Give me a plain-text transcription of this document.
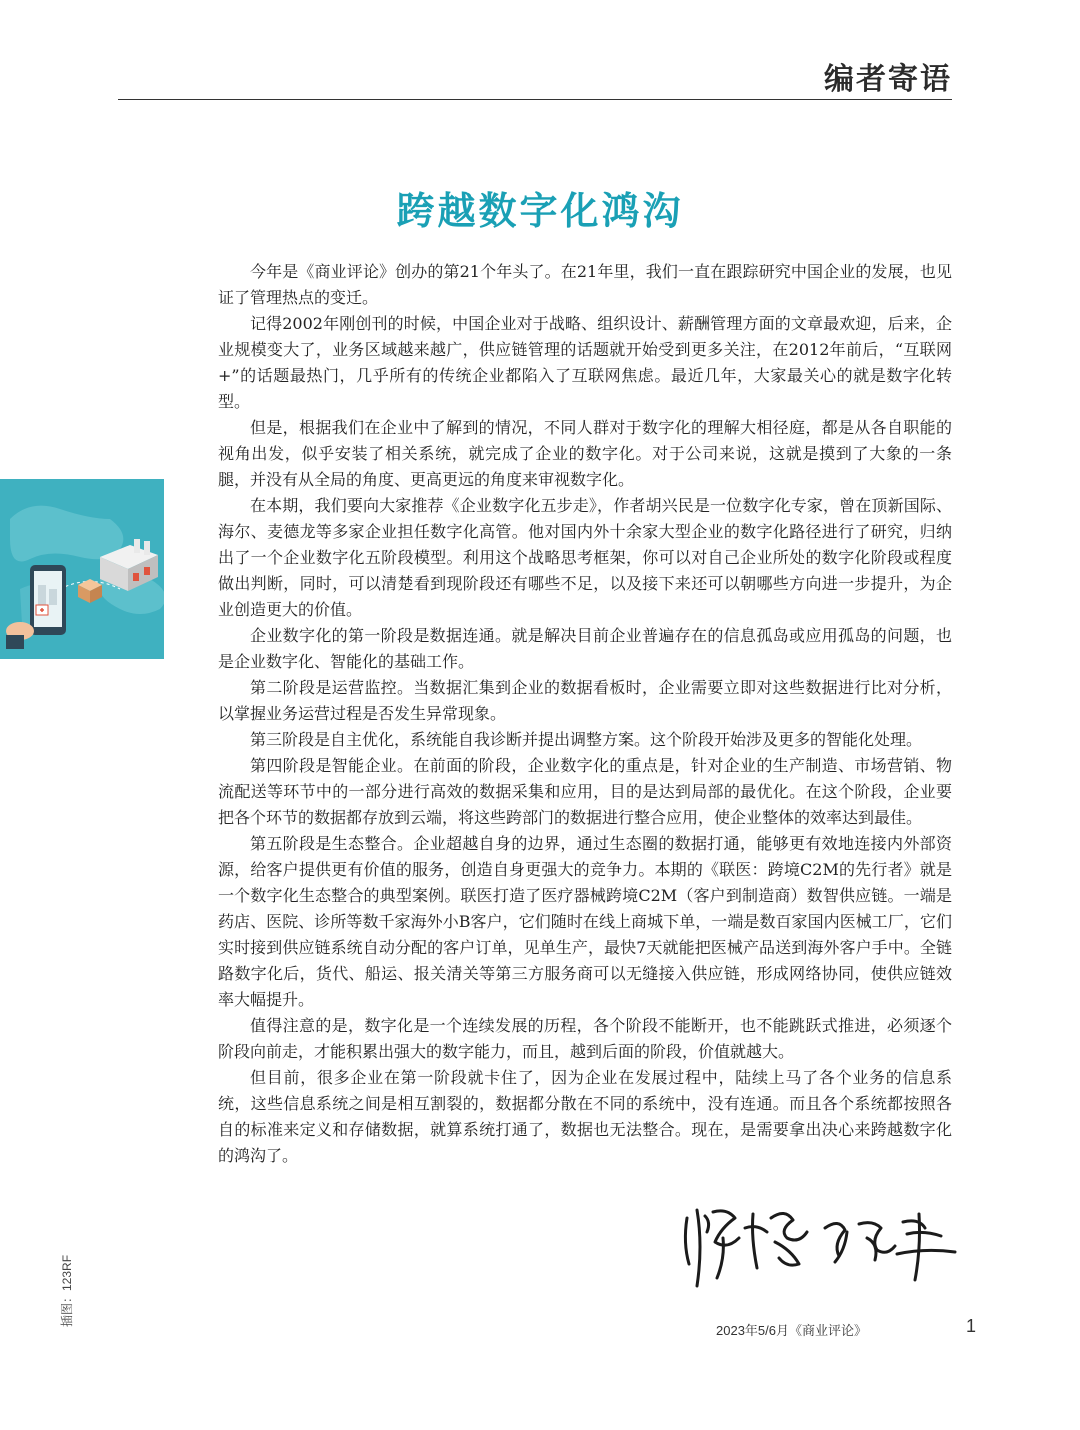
编者寄语
跨越数字化鸿沟

今年是《商业评论》创办的第21个年头了。在21年里，我们一直在跟踪研究中国企业的发展，也见证了管理热点的变迁。

记得2002年刚创刊的时候，中国企业对于战略、组织设计、薪酬管理方面的文章最欢迎，后来，企业规模变大了，业务区域越来越广，供应链管理的话题就开始受到更多关注，在2012年前后，“互联网+”的话题最热门，几乎所有的传统企业都陷入了互联网焦虑。最近几年，大家最关心的就是数字化转型。

但是，根据我们在企业中了解到的情况，不同人群对于数字化的理解大相径庭，都是从各自职能的视角出发，似乎安装了相关系统，就完成了企业的数字化。对于公司来说，这就是摸到了大象的一条腿，并没有从全局的角度、更高更远的角度来审视数字化。

在本期，我们要向大家推荐《企业数字化五步走》，作者胡兴民是一位数字化专家，曾在顶新国际、海尔、麦德龙等多家企业担任数字化高管。他对国内外十余家大型企业的数字化路径进行了研究，归纳出了一个企业数字化五阶段模型。利用这个战略思考框架，你可以对自己企业所处的数字化阶段或程度做出判断，同时，可以清楚看到现阶段还有哪些不足，以及接下来还可以朝哪些方向进一步提升，为企业创造更大的价值。

企业数字化的第一阶段是数据连通。就是解决目前企业普遍存在的信息孤岛或应用孤岛的问题，也是企业数字化、智能化的基础工作。

第二阶段是运营监控。当数据汇集到企业的数据看板时，企业需要立即对这些数据进行比对分析，以掌握业务运营过程是否发生异常现象。

第三阶段是自主优化，系统能自我诊断并提出调整方案。这个阶段开始涉及更多的智能化处理。

第四阶段是智能企业。在前面的阶段，企业数字化的重点是，针对企业的生产制造、市场营销、物流配送等环节中的一部分进行高效的数据采集和应用，目的是达到局部的最优化。在这个阶段，企业要把各个环节的数据都存放到云端，将这些跨部门的数据进行整合应用，使企业整体的效率达到最佳。

第五阶段是生态整合。企业超越自身的边界，通过生态圈的数据打通，能够更有效地连接内外部资源，给客户提供更有价值的服务，创造自身更强大的竞争力。本期的《联医：跨境C2M的先行者》就是一个数字化生态整合的典型案例。联医打造了医疗器械跨境C2M（客户到制造商）数智供应链。一端是药店、医院、诊所等数千家海外小B客户，它们随时在线上商城下单，一端是数百家国内医械工厂，它们实时接到供应链系统自动分配的客户订单，见单生产，最快7天就能把医械产品送到海外客户手中。全链路数字化后，货代、船运、报关清关等第三方服务商可以无缝接入供应链，形成网络协同，使供应链效率大幅提升。

值得注意的是，数字化是一个连续发展的历程，各个阶段不能断开，也不能跳跃式推进，必须逐个阶段向前走，才能积累出强大的数字能力，而且，越到后面的阶段，价值就越大。

但目前，很多企业在第一阶段就卡住了，因为企业在发展过程中，陆续上马了各个业务的信息系统，这些信息系统之间是相互割裂的，数据都分散在不同的系统中，没有连通。而且各个系统都按照各自的标准来定义和存储数据，就算系统打通了，数据也无法整合。现在，是需要拿出决心来跨越数字化的鸿沟了。

插图：123RF
2023年5/6月《商业评论》	1
